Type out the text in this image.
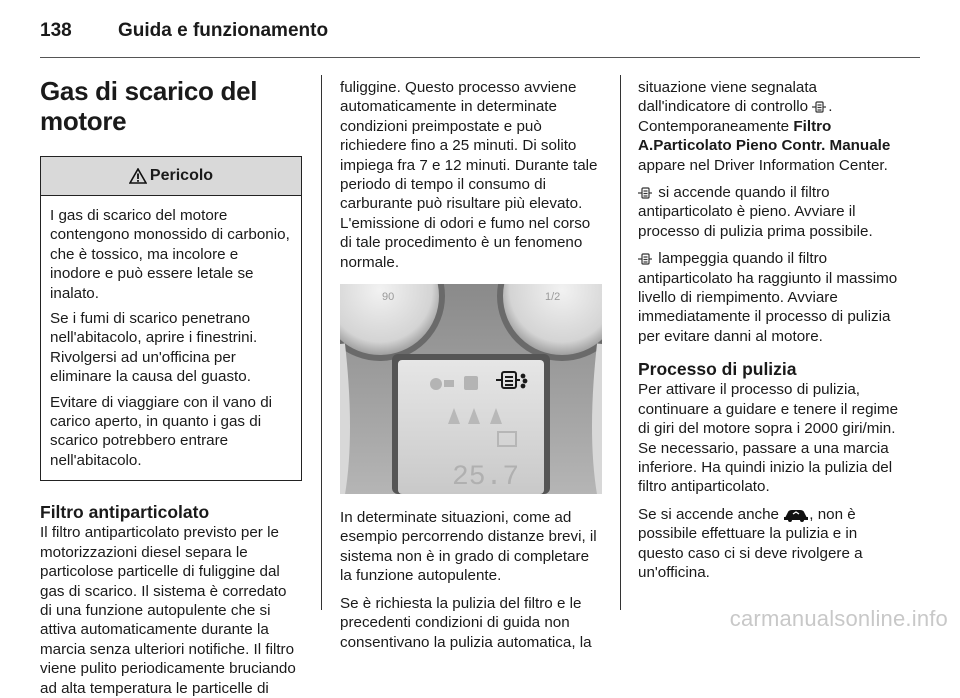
138 Guida e funzionamento
Gas di scarico del motore
Pericolo

I gas di scarico del motore contengono monossido di carbonio, che è tossico, ma incolore e inodore e può essere letale se inalato.

Se i fumi di scarico penetrano nell'abitacolo, aprire i finestrini. Rivolgersi ad un'officina per eliminare la causa del guasto.

Evitare di viaggiare con il vano di carico aperto, in quanto i gas di scarico potrebbero entrare nell'abitacolo.

Filtro antiparticolato

Il filtro antiparticolato previsto per le motorizzazioni diesel separa le particolose particelle di fuliggine dal gas di scarico. Il sistema è corredato di una funzione autopulente che si attiva automaticamente durante la marcia senza ulteriori notifiche. Il filtro viene pulito periodicamente bruciando ad alta temperatura le particelle di

fuliggine. Questo processo avviene automaticamente in determinate condizioni preimpostate e può richiedere fino a 25 minuti. Di solito impiega fra 7 e 12 minuti. Durante tale periodo di tempo il consumo di carburante può risultare più elevato. L'emissione di odori e fumo nel corso di tale procedimento è un fenomeno normale.

90	1/2
25.7

In determinate situazioni, come ad esempio percorrendo distanze brevi, il sistema non è in grado di completare la funzione autopulente.

Se è richiesta la pulizia del filtro e le precedenti condizioni di guida non consentivano la pulizia automatica, la

situazione viene segnalata dall'indicatore di controllo . Contemporaneamente Filtro A.Particolato Pieno Contr. Manuale appare nel Driver Information Center.

si accende quando il filtro antiparticolato è pieno. Avviare il processo di pulizia prima possibile.

lampeggia quando il filtro antiparticolato ha raggiunto il massimo livello di riempimento. Avviare immediatamente il processo di pulizia per evitare danni al motore.

Processo di pulizia

Per attivare il processo di pulizia, continuare a guidare e tenere il regime di giri del motore sopra i 2000 giri/min. Se necessario, passare a una marcia inferiore. Ha quindi inizio la pulizia del filtro antiparticolato.

Se si accende anche , non è possibile effettuare la pulizia e in questo caso ci si deve rivolgere a un'officina.

carmanualsonline.info
